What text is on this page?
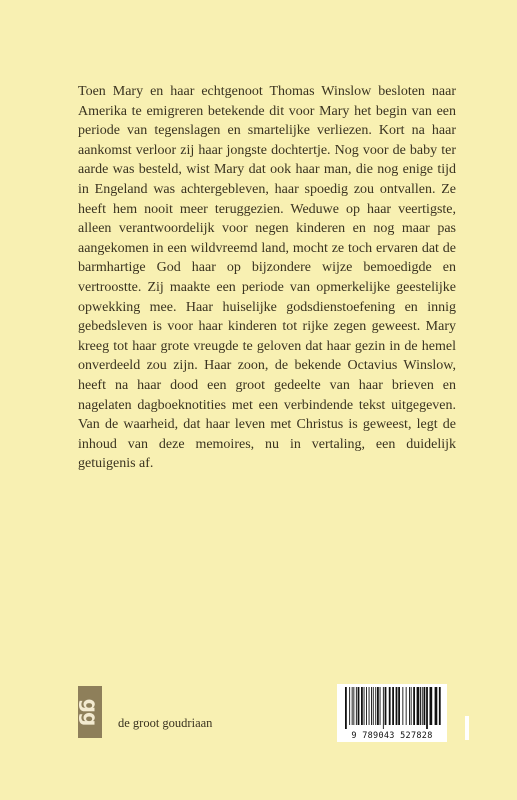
Toen Mary en haar echtgenoot Thomas Winslow besloten naar Amerika te emigreren betekende dit voor Mary het begin van een periode van tegenslagen en smartelijke verliezen. Kort na haar aankomst verloor zij haar jongste dochtertje. Nog voor de baby ter aarde was besteld, wist Mary dat ook haar man, die nog enige tijd in Engeland was achtergebleven, haar spoedig zou ontvallen. Ze heeft hem nooit meer teruggezien. Weduwe op haar veertigste, alleen verantwoordelijk voor negen kinderen en nog maar pas aangekomen in een wildvreemd land, mocht ze toch ervaren dat de barmhartige God haar op bijzondere wijze bemoedigde en vertroostte. Zij maakte een periode van opmerkelijke geestelijke opwekking mee. Haar huiselijke godsdienstoefening en innig gebedsleven is voor haar kinderen tot rijke zegen geweest. Mary kreeg tot haar grote vreugde te geloven dat haar gezin in de hemel onverdeeld zou zijn. Haar zoon, de bekende Octavius Winslow, heeft na haar dood een groot gedeelte van haar brieven en nagelaten dagboeknotities met een verbindende tekst uitgegeven. Van de waarheid, dat haar leven met Christus is geweest, legt de inhoud van deze memoires, nu in vertaling, een duidelijk getuigenis af.

gg de groot goudriaan
9 789043 527828
